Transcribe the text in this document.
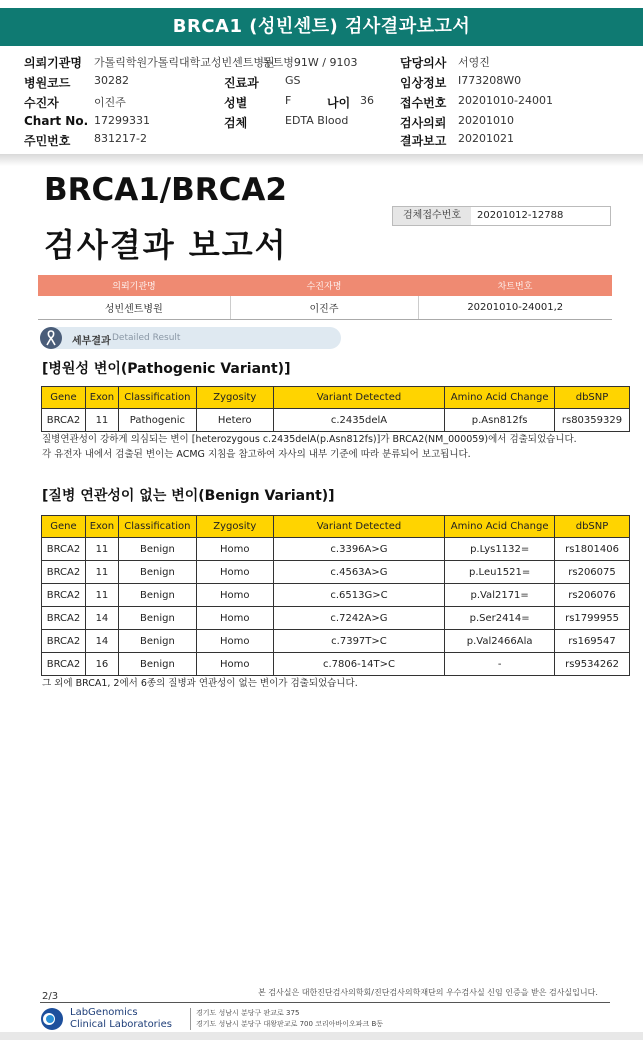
BRCA1 (성빈센트) 검사결과보고서
의뢰기관명 가톨릭학원가톨릭대학교성빈센트병원
동트병91W / 9103	담당의사 서영진
병원코드 30282	진료과 GS	임상정보 I773208W0
수진자	이진주	성별	F	나이 36 접수번호 20201010-24001
Chart No. 17299331	검체	EDTA Blood	검사의뢰 20201010
주민번호 831217-2	결과보고 20201021
BRCA1/BRCA2
검사결과 보고서
검체접수번호	20201012-12788
의뢰기관명	수진자명	차트번호
성빈센트병원	이진주	20201010-24001,2
세부결과 Detailed Result
[병원성 변이(Pathogenic Variant)]
Gene	Exon	Classification	Zygosity	Variant Detected	Amino Acid Change	dbSNP
BRCA2	11	Pathogenic	Hetero	c.2435delA	p.Asn812fs	rs80359329
질병연관성이 강하게 의심되는 변이 [heterozygous c.2435delA(p.Asn812fs)]가 BRCA2(NM_000059)에서 검출되었습니다.
각 유전자 내에서 검출된 변이는 ACMG 지침을 참고하여 자사의 내부 기준에 따라 분류되어 보고됩니다.
[질병 연관성이 없는 변이(Benign Variant)]
Gene	Exon	Classification	Zygosity	Variant Detected	Amino Acid Change	dbSNP
BRCA2	11	Benign	Homo	c.3396A>G	p.Lys1132=	rs1801406
BRCA2	11	Benign	Homo	c.4563A>G	p.Leu1521=	rs206075
BRCA2	11	Benign	Homo	c.6513G>C	p.Val2171=	rs206076
BRCA2	14	Benign	Homo	c.7242A>G	p.Ser2414=	rs1799955
BRCA2	14	Benign	Homo	c.7397T>C	p.Val2466Ala	rs169547
BRCA2	16	Benign	Homo	c.7806-14T>C	-	rs9534262
그 외에 BRCA1, 2에서 6종의 질병과 연관성이 없는 변이가 검출되었습니다.
본 검사실은 대한진단검사의학회/진단검사의학재단의 우수검사실 신임 인증을 받은 검사실입니다.
2/3
LabGenomics
Clinical Laboratories
경기도 성남시 분당구 판교로 375
경기도 성남시 분당구 대왕판교로 700 코리아바이오파크 B동
